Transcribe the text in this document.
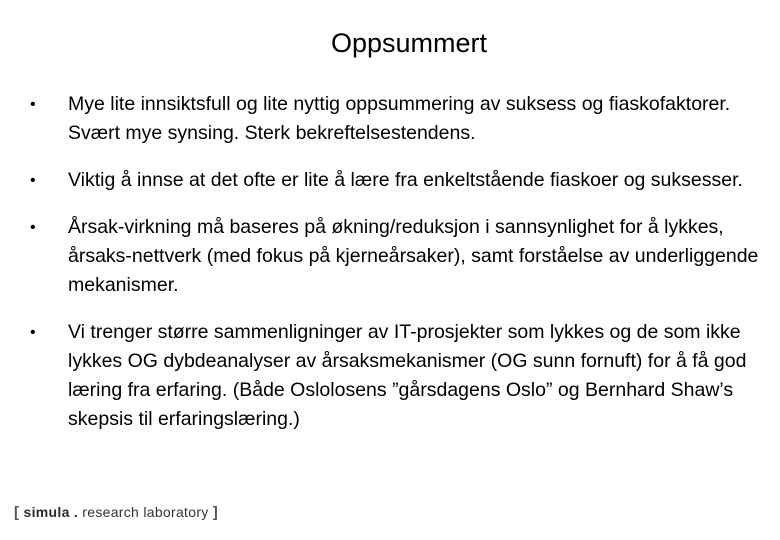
Oppsummert
•	Mye lite innsiktsfull og lite nyttig oppsummering av suksess og fiaskofaktorer. Svært mye synsing. Sterk bekreftelsestendens.
•	Viktig å innse at det ofte er lite å lære fra enkeltstående fiaskoer og suksesser.
•	Årsak-virkning må baseres på økning/reduksjon i sannsynlighet for å lykkes, årsaks-nettverk (med fokus på kjerneårsaker), samt forståelse av underliggende mekanismer.
•	Vi trenger større sammenligninger av IT-prosjekter som lykkes og de som ikke lykkes OG dybdeanalyser av årsaksmekanismer (OG sunn fornuft) for å få god læring fra erfaring. (Både Oslolosens ”gårsdagens Oslo” og Bernhard Shaw’s skepsis til erfaringslæring.)
[ simula . research laboratory ]
